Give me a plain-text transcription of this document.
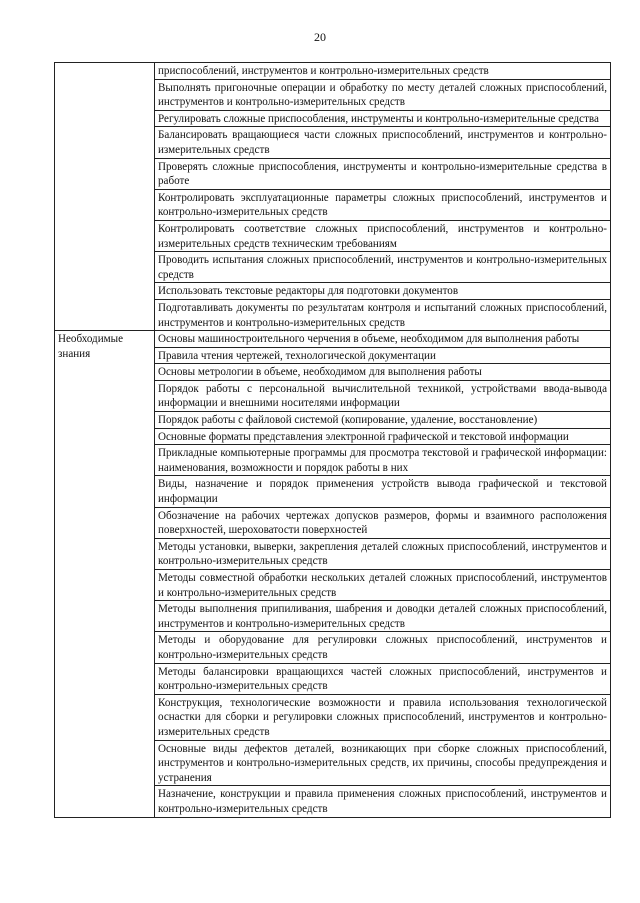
20
	приспособлений, инструментов и контрольно-измерительных средств
	Выполнять пригоночные операции и обработку по месту деталей сложных приспособлений, инструментов и контрольно-измерительных средств
	Регулировать сложные приспособления, инструменты и контрольно-измерительные средства
	Балансировать вращающиеся части сложных приспособлений, инструментов и контрольно-измерительных средств
	Проверять сложные приспособления, инструменты и контрольно-измерительные средства в работе
	Контролировать эксплуатационные параметры сложных приспособлений, инструментов и контрольно-измерительных средств
	Контролировать соответствие сложных приспособлений, инструментов и контрольно-измерительных средств техническим требованиям
	Проводить испытания сложных приспособлений, инструментов и контрольно-измерительных средств
	Использовать текстовые редакторы для подготовки документов
	Подготавливать документы по результатам контроля и испытаний сложных приспособлений, инструментов и контрольно-измерительных средств
Необходимые знания	Основы машиностроительного черчения в объеме, необходимом для выполнения работы
	Правила чтения чертежей, технологической документации
	Основы метрологии в объеме, необходимом для выполнения работы
	Порядок работы с персональной вычислительной техникой, устройствами ввода-вывода информации и внешними носителями информации
	Порядок работы с файловой системой (копирование, удаление, восстановление)
	Основные форматы представления электронной графической и текстовой информации
	Прикладные компьютерные программы для просмотра текстовой и графической информации: наименования, возможности и порядок работы в них
	Виды, назначение и порядок применения устройств вывода графической и текстовой информации
	Обозначение на рабочих чертежах допусков размеров, формы и взаимного расположения поверхностей, шероховатости поверхностей
	Методы установки, выверки, закрепления деталей сложных приспособлений, инструментов и контрольно-измерительных средств
	Методы совместной обработки нескольких деталей сложных приспособлений, инструментов и контрольно-измерительных средств
	Методы выполнения припиливания, шабрения и доводки деталей сложных приспособлений, инструментов и контрольно-измерительных средств
	Методы и оборудование для регулировки сложных приспособлений, инструментов и контрольно-измерительных средств
	Методы балансировки вращающихся частей сложных приспособлений, инструментов и контрольно-измерительных средств
	Конструкция, технологические возможности и правила использования технологической оснастки для сборки и регулировки сложных приспособлений, инструментов и контрольно-измерительных средств
	Основные виды дефектов деталей, возникающих при сборке сложных приспособлений, инструментов и контрольно-измерительных средств, их причины, способы предупреждения и устранения
	Назначение, конструкции и правила применения сложных приспособлений, инструментов и контрольно-измерительных средств
